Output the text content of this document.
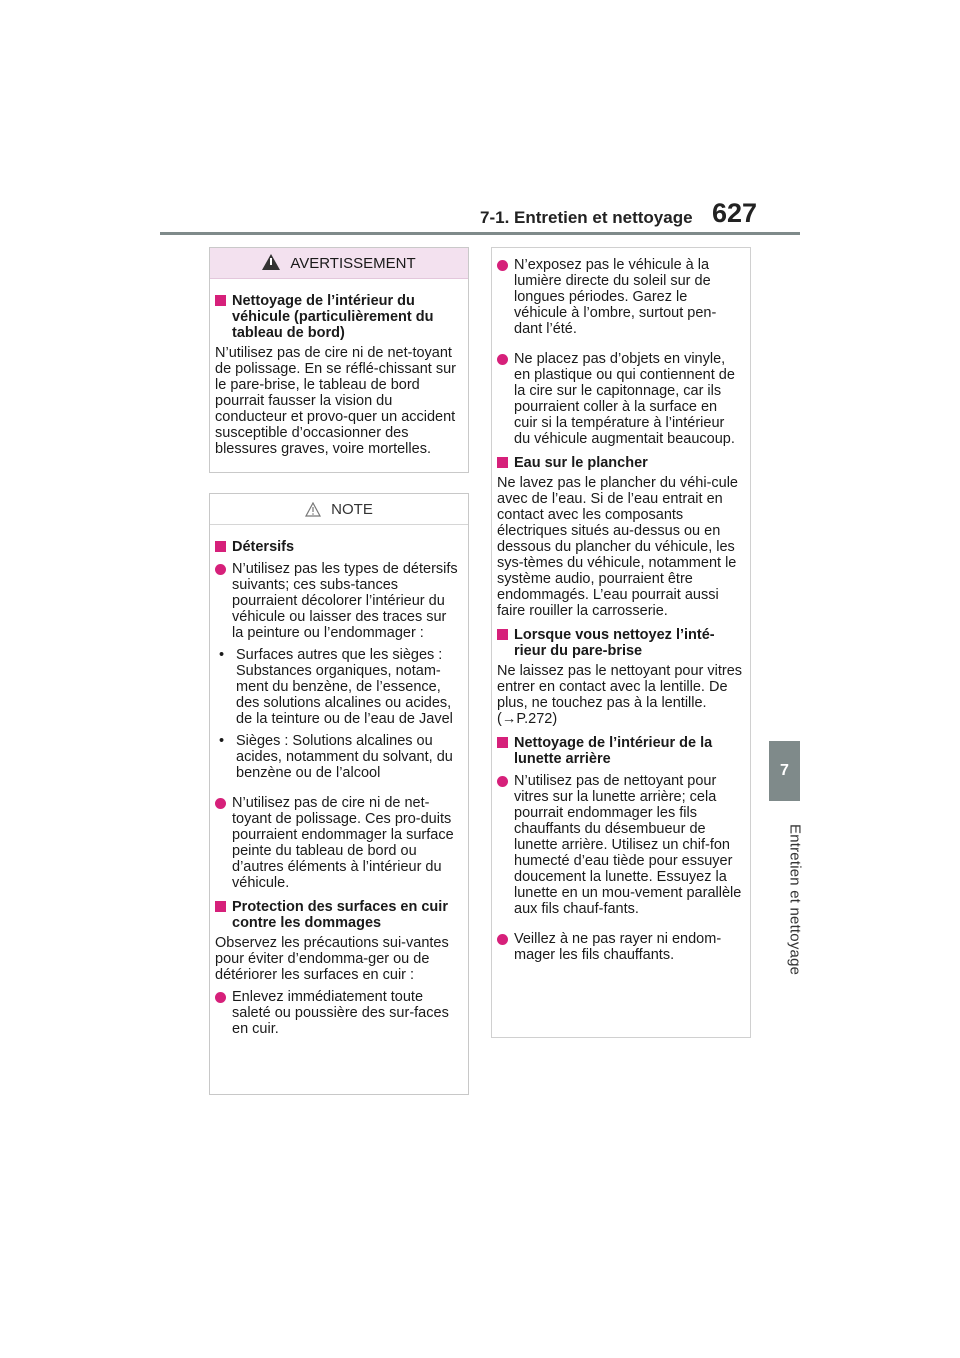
7-1. Entretien et nettoyage 627
7
Entretien et nettoyage
AVERTISSEMENT
Nettoyage de l’intérieur du véhicule (particulièrement du tableau de bord)

N’utilisez pas de cire ni de net-toyant de polissage. En se réflé-chissant sur le pare-brise, le tableau de bord pourrait fausser la vision du conducteur et provo-quer un accident susceptible d’occasionner des blessures graves, voire mortelles.

NOTE
Détersifs
N’utilisez pas les types de détersifs suivants; ces subs-tances pourraient décolorer l’intérieur du véhicule ou laisser des traces sur la peinture ou l’endommager :
• Surfaces autres que les sièges : Substances organiques, notam-ment du benzène, de l’essence, des solutions alcalines ou acides, de la teinture ou de l’eau de Javel
• Sièges : Solutions alcalines ou acides, notamment du solvant, du benzène ou de l’alcool
N’utilisez pas de cire ni de net-toyant de polissage. Ces pro-duits pourraient endommager la surface peinte du tableau de bord ou d’autres éléments à l’intérieur du véhicule.
Protection des surfaces en cuir contre les dommages

Observez les précautions sui-vantes pour éviter d’endomma-ger ou de détériorer les surfaces en cuir :

Enlevez immédiatement toute saleté ou poussière des sur-faces en cuir.
N’exposez pas le véhicule à la lumière directe du soleil sur de longues périodes. Garez le véhicule à l’ombre, surtout pen-dant l’été.
Ne placez pas d’objets en vinyle, en plastique ou qui contiennent de la cire sur le capitonnage, car ils pourraient coller à la surface en cuir si la température à l’intérieur du véhicule augmentait beaucoup.
Eau sur le plancher

Ne lavez pas le plancher du véhi-cule avec de l’eau. Si de l’eau entrait en contact avec les composants électriques situés au-dessus ou en dessous du plancher du véhicule, les sys-tèmes du véhicule, notamment le système audio, pourraient être endommagés. L’eau pourrait aussi faire rouiller la carrosserie.

Lorsque vous nettoyez l’inté-rieur du pare-brise

Ne laissez pas le nettoyant pour vitres entrer en contact avec la lentille. De plus, ne touchez pas à la lentille. (→P.272)

Nettoyage de l’intérieur de la lunette arrière
N’utilisez pas de nettoyant pour vitres sur la lunette arrière; cela pourrait endommager les fils chauffants du désembueur de lunette arrière. Utilisez un chif-fon humecté d’eau tiède pour essuyer doucement la lunette. Essuyez la lunette en un mou-vement parallèle aux fils chauf-fants.
Veillez à ne pas rayer ni endom-mager les fils chauffants.
